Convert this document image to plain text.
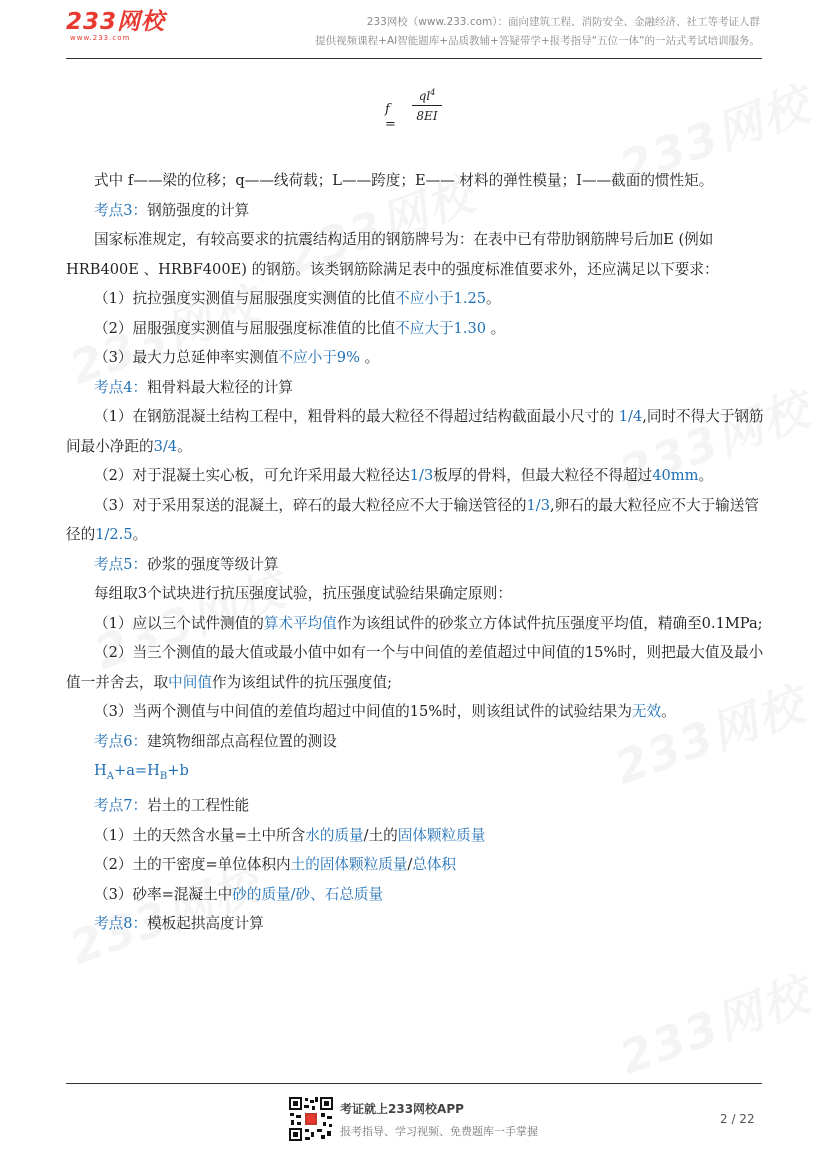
233网校
www.233.com
233网校（www.233.com）：面向建筑工程、消防安全、金融经济、社工等考证人群
提供视频课程+AI智能题库+品质教辅+答疑带学+报考指导“五位一体”的一站式考试培训服务。
f =
$ql^4$
8EI

式中 f——梁的位移；q——线荷载；L——跨度；E—— 材料的弹性模量；I——截面的惯性矩。

考点3：钢筋强度的计算

国家标准规定，有较高要求的抗震结构适用的钢筋牌号为：在表中已有带肋钢筋牌号后加E (例如HRB400E 、HRBF400E) 的钢筋。该类钢筋除满足表中的强度标准值要求外，还应满足以下要求：

（1）抗拉强度实测值与屈服强度实测值的比值不应小于1.25。

（2）屈服强度实测值与屈服强度标准值的比值不应大于1.30 。

（3）最大力总延伸率实测值不应小于9% 。

考点4：粗骨料最大粒径的计算

（1）在钢筋混凝土结构工程中，粗骨料的最大粒径不得超过结构截面最小尺寸的 1/4,同时不得大于钢筋间最小净距的3/4。

（2）对于混凝土实心板，可允许采用最大粒径达1/3板厚的骨料，但最大粒径不得超过40mm。

（3）对于采用泵送的混凝土，碎石的最大粒径应不大于输送管径的1/3,卵石的最大粒径应不大于输送管径的1/2.5。

考点5：砂浆的强度等级计算

每组取3个试块进行抗压强度试验，抗压强度试验结果确定原则：

（1）应以三个试件测值的算术平均值作为该组试件的砂浆立方体试件抗压强度平均值，精确至0.1MPa;

（2）当三个测值的最大值或最小值中如有一个与中间值的差值超过中间值的15%时，则把最大值及最小值一并舍去，取中间值作为该组试件的抗压强度值;

（3）当两个测值与中间值的差值均超过中间值的15%时，则该组试件的试验结果为无效。

考点6：建筑物细部点高程位置的测设

$H_A+a=H_B+b$

考点7：岩土的工程性能

（1）土的天然含水量=土中所含水的质量/土的固体颗粒质量

（2）土的干密度=单位体积内土的固体颗粒质量/总体积

（3）砂率=混凝土中砂的质量/砂、石总质量

考点8：模板起拱高度计算

考证就上233网校APP
报考指导、学习视频、免费题库一手掌握
2 / 22
